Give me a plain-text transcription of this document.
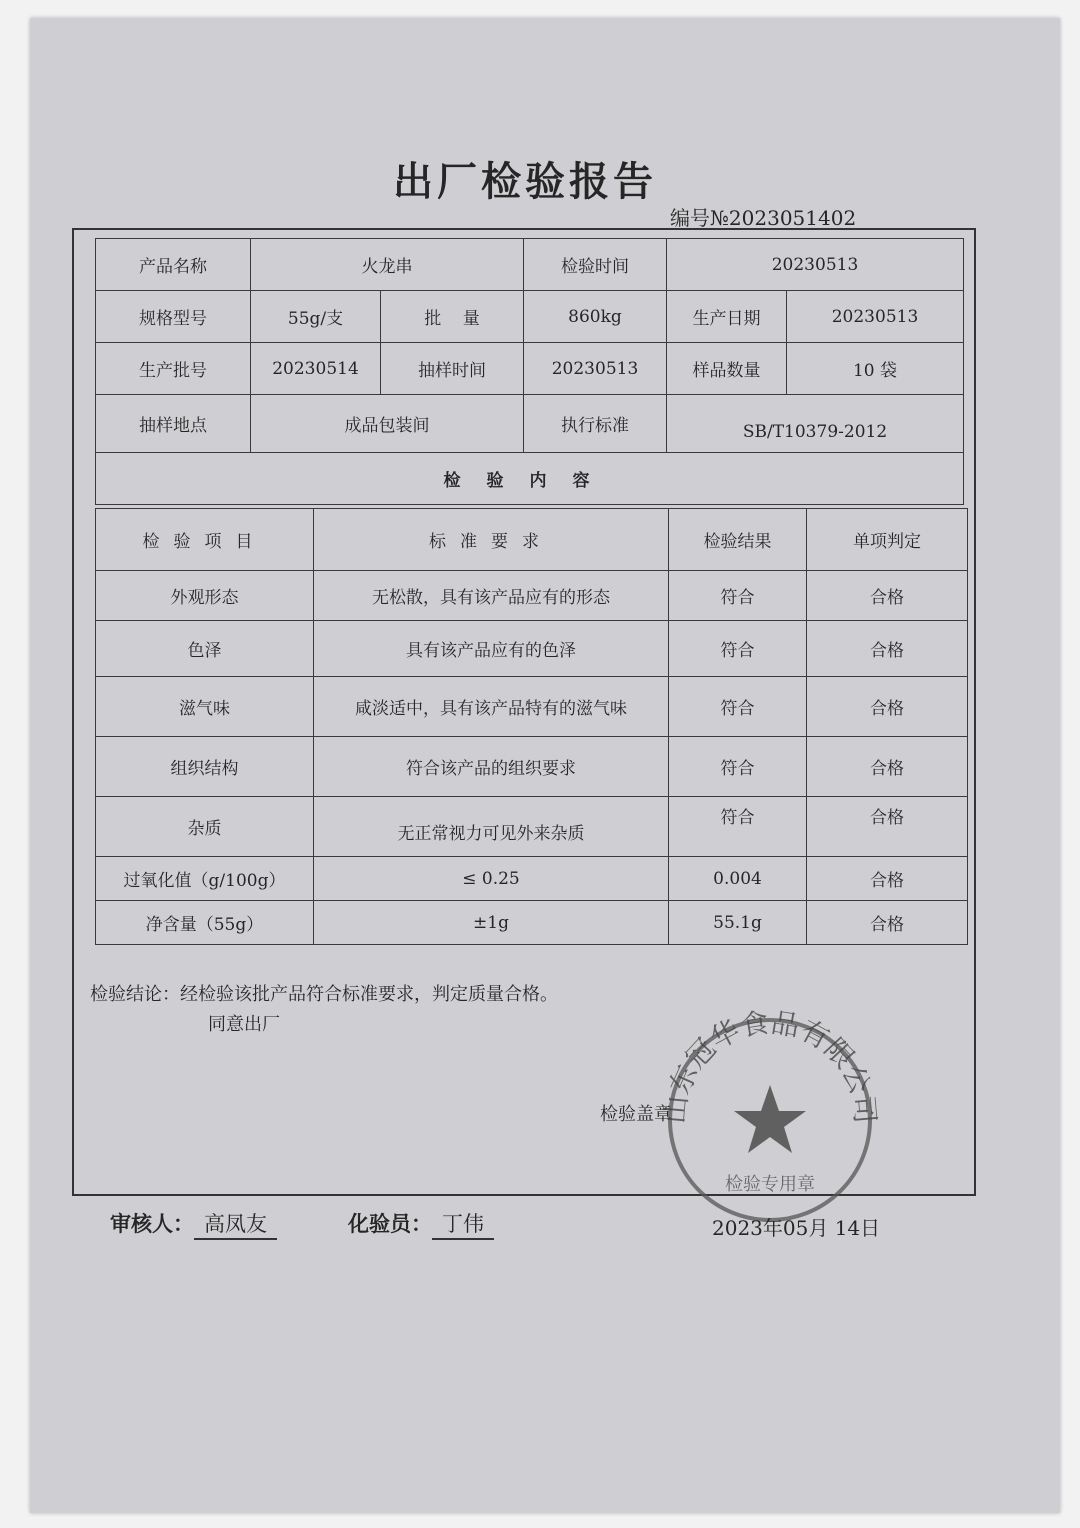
出厂检验报告
编号№2023051402
产品名称	火龙串		检验时间	20230513	
规格型号	55g/支	批    量	860kg	生产日期	20230513
生产批号	20230514	抽样时间	20230513	样品数量	10 袋
抽样地点	成品包装间		执行标准	SB/T10379-2012	
检验内容					
检验项目	标准要求	检验结果	单项判定
外观形态	无松散，具有该产品应有的形态	符合	合格
色泽	具有该产品应有的色泽	符合	合格
滋气味	咸淡适中，具有该产品特有的滋气味	符合	合格
组织结构	符合该产品的组织要求	符合	合格
杂质	无正常视力可见外来杂质	符合	合格
过氧化值（g/100g）	≤ 0.25	0.004	合格
净含量（55g）	±1g	55.1g	合格
检验结论：经检验该批产品符合标准要求，判定质量合格。
同意出厂
检验盖章
山东冠华食品有限公司
检验专用章
审核人： 高凤友	化验员： 丁伟	2023年05月 14日
